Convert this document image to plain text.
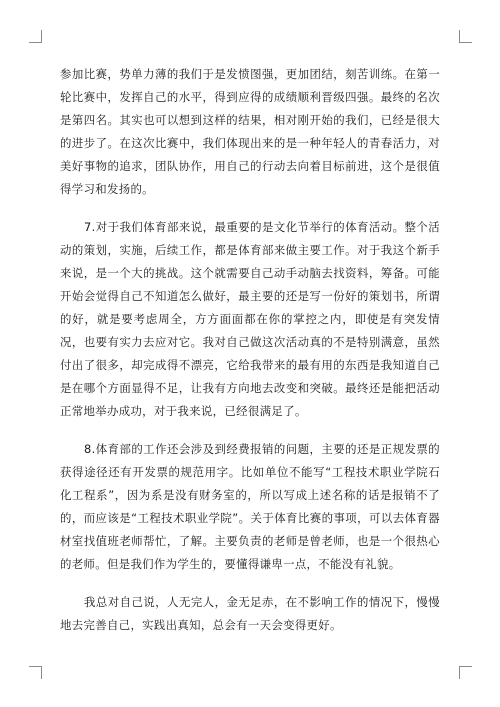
参加比赛，势单力薄的我们于是发愤图强，更加团结，刻苦训练。在第一轮比赛中，发挥自己的水平，得到应得的成绩顺利晋级四强。最终的名次是第四名。其实也可以想到这样的结果，相对刚开始的我们，已经是很大的进步了。在这次比赛中，我们体现出来的是一种年轻人的青春活力，对美好事物的追求，团队协作，用自己的行动去向着目标前进，这个是很值得学习和发扬的。

7.对于我们体育部来说，最重要的是文化节举行的体育活动。整个活动的策划，实施，后续工作，都是体育部来做主要工作。对于我这个新手来说，是一个大的挑战。这个就需要自己动手动脑去找资料，筹备。可能开始会觉得自己不知道怎么做好，最主要的还是写一份好的策划书，所谓的好，就是要考虑周全，方方面面都在你的掌控之内，即使是有突发情况，也要有实力去应对它。我对自己做这次活动真的不是特别满意，虽然付出了很多，却完成得不漂亮，它给我带来的最有用的东西是我知道自己是在哪个方面显得不足，让我有方向地去改变和突破。最终还是能把活动正常地举办成功，对于我来说，已经很满足了。

8.体育部的工作还会涉及到经费报销的问题，主要的还是正规发票的获得途径还有开发票的规范用字。比如单位不能写“工程技术职业学院石化工程系”，因为系是没有财务室的，所以写成上述名称的话是报销不了的，而应该是“工程技术职业学院”。关于体育比赛的事项，可以去体育器材室找值班老师帮忙，了解。主要负责的老师是曾老师，也是一个很热心的老师。但是我们作为学生的，要懂得谦卑一点，不能没有礼貌。

我总对自己说，人无完人，金无足赤，在不影响工作的情况下，慢慢地去完善自己，实践出真知，总会有一天会变得更好。
